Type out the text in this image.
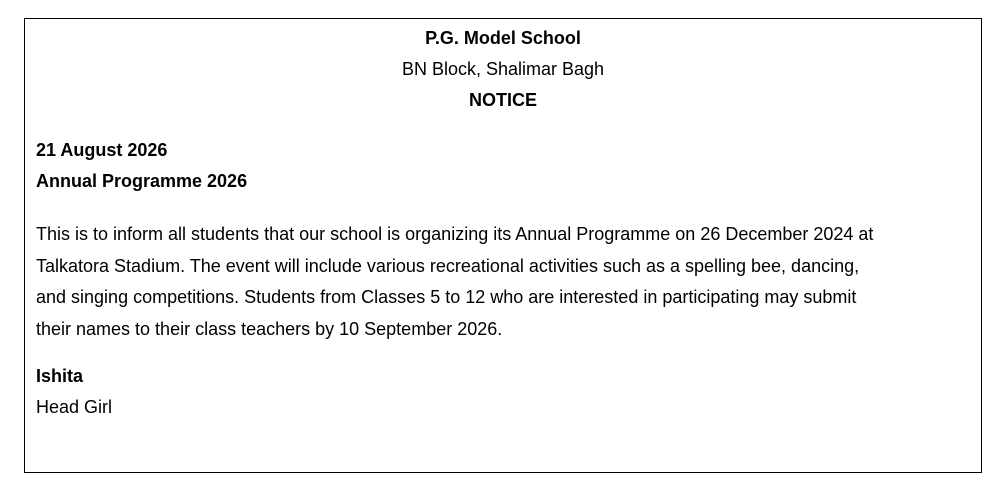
P.G. Model School
BN Block, Shalimar Bagh
NOTICE
21 August 2026
Annual Programme 2026
This is to inform all students that our school is organizing its Annual Programme on 26 December 2024 at
Talkatora Stadium. The event will include various recreational activities such as a spelling bee, dancing,
and singing competitions. Students from Classes 5 to 12 who are interested in participating may submit
their names to their class teachers by 10 September 2026.
Ishita
Head Girl
